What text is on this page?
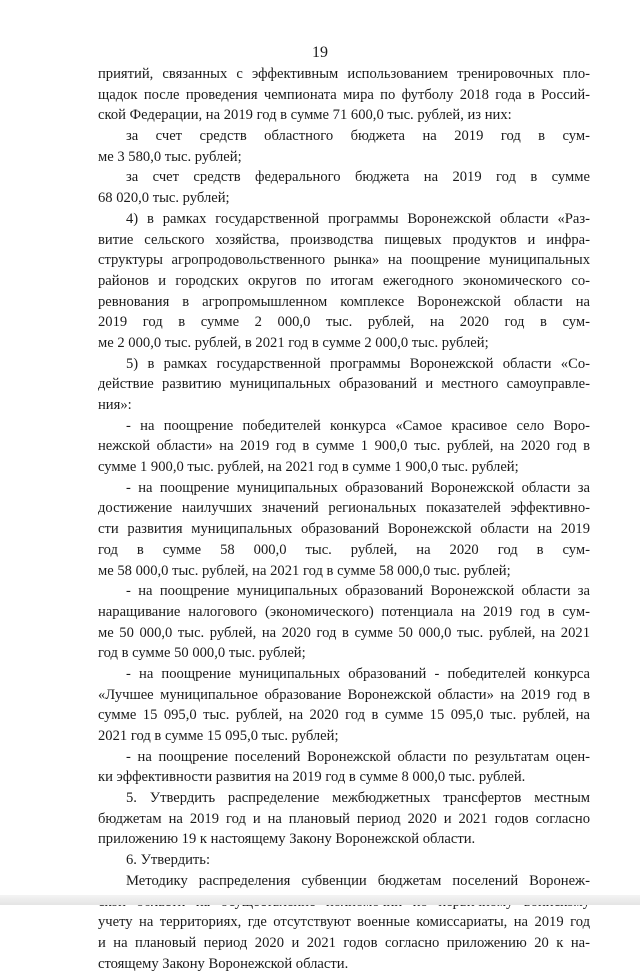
19
приятий, связанных с эффективным использованием тренировочных пло-
щадок после проведения чемпионата мира по футболу 2018 года в Россий-
ской Федерации, на 2019 год в сумме 71 600,0 тыс. рублей, из них:
за счет средств областного бюджета на 2019 год в сум-
ме 3 580,0 тыс. рублей;
за счет средств федерального бюджета на 2019 год в сумме
68 020,0 тыс. рублей;
4) в рамках государственной программы Воронежской области «Раз-
витие сельского хозяйства, производства пищевых продуктов и инфра-
структуры агропродовольственного рынка» на поощрение муниципальных
районов и городских округов по итогам ежегодного экономического со-
ревнования в агропромышленном комплексе Воронежской области на
2019 год в сумме 2 000,0 тыс. рублей, на 2020 год в сум-
ме 2 000,0 тыс. рублей, в 2021 год в сумме 2 000,0 тыс. рублей;
5) в рамках государственной программы Воронежской области «Со-
действие развитию муниципальных образований и местного самоуправле-
ния»:
- на поощрение победителей конкурса «Самое красивое село Воро-
нежской области» на 2019 год в сумме 1 900,0 тыс. рублей, на 2020 год в
сумме 1 900,0 тыс. рублей, на 2021 год в сумме 1 900,0 тыс. рублей;
- на поощрение муниципальных образований Воронежской области за
достижение наилучших значений региональных показателей эффективно-
сти развития муниципальных образований Воронежской области на 2019
год в сумме 58 000,0 тыс. рублей, на 2020 год в сум-
ме 58 000,0 тыс. рублей, на 2021 год в сумме 58 000,0 тыс. рублей;
- на поощрение муниципальных образований Воронежской области за
наращивание налогового (экономического) потенциала на 2019 год в сум-
ме 50 000,0 тыс. рублей, на 2020 год в сумме 50 000,0 тыс. рублей, на 2021
год в сумме 50 000,0 тыс. рублей;
- на поощрение муниципальных образований - победителей конкурса
«Лучшее муниципальное образование Воронежской области» на 2019 год в
сумме 15 095,0 тыс. рублей, на 2020 год в сумме 15 095,0 тыс. рублей, на
2021 год в сумме 15 095,0 тыс. рублей;
- на поощрение поселений Воронежской области по результатам оцен-
ки эффективности развития на 2019 год в сумме 8 000,0 тыс. рублей.
5. Утвердить распределение межбюджетных трансфертов местным
бюджетам на 2019 год и на плановый период 2020 и 2021 годов согласно
приложению 19 к настоящему Закону Воронежской области.
6. Утвердить:
Методику распределения субвенции бюджетам поселений Воронеж-
учету на территориях, где отсутствуют военные комиссариаты, на 2019 год
и на плановый период 2020 и 2021 годов согласно приложению 20 к на-
стоящему Закону Воронежской области.
